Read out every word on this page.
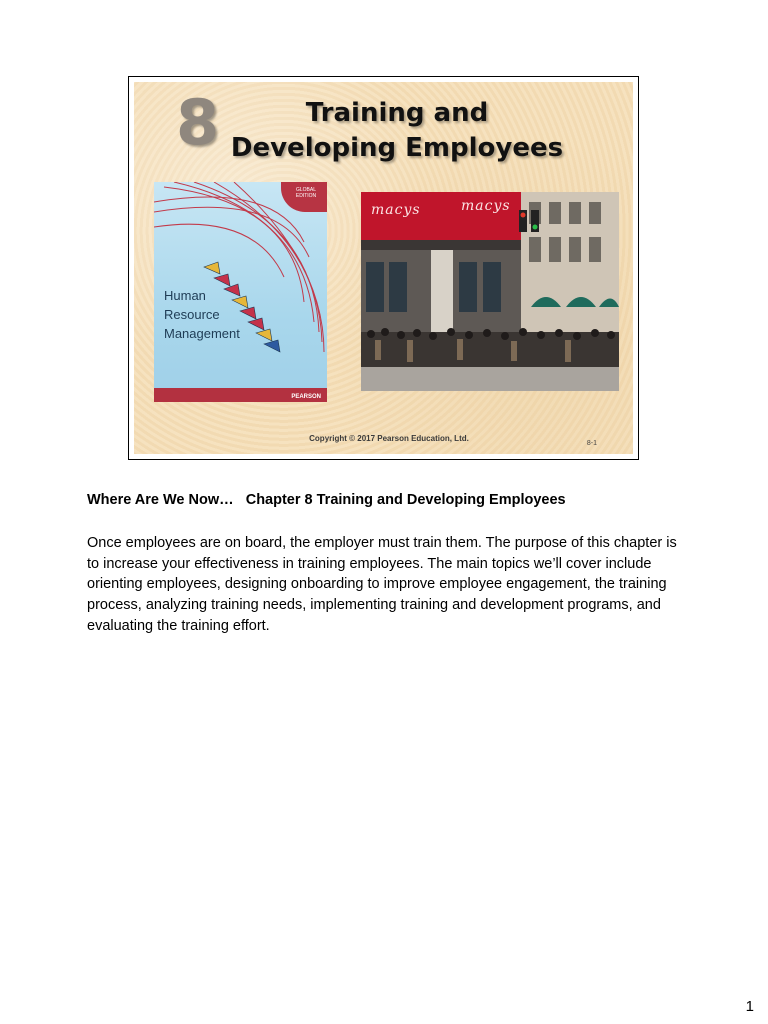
8	Training and Developing Employees
GLOBAL EDITION
Human Resource Management
PEARSON
macys	macys
Copyright © 2017 Pearson Education, Ltd.
8-1
Where Are We Now…   Chapter 8 Training and Developing Employees
Once employees are on board, the employer must train them. The purpose of this chapter is to increase your effectiveness in training employees. The main topics we’ll cover include orienting employees, designing onboarding to improve employee engagement, the training process, analyzing training needs, implementing training and development programs, and evaluating the training effort.
1
